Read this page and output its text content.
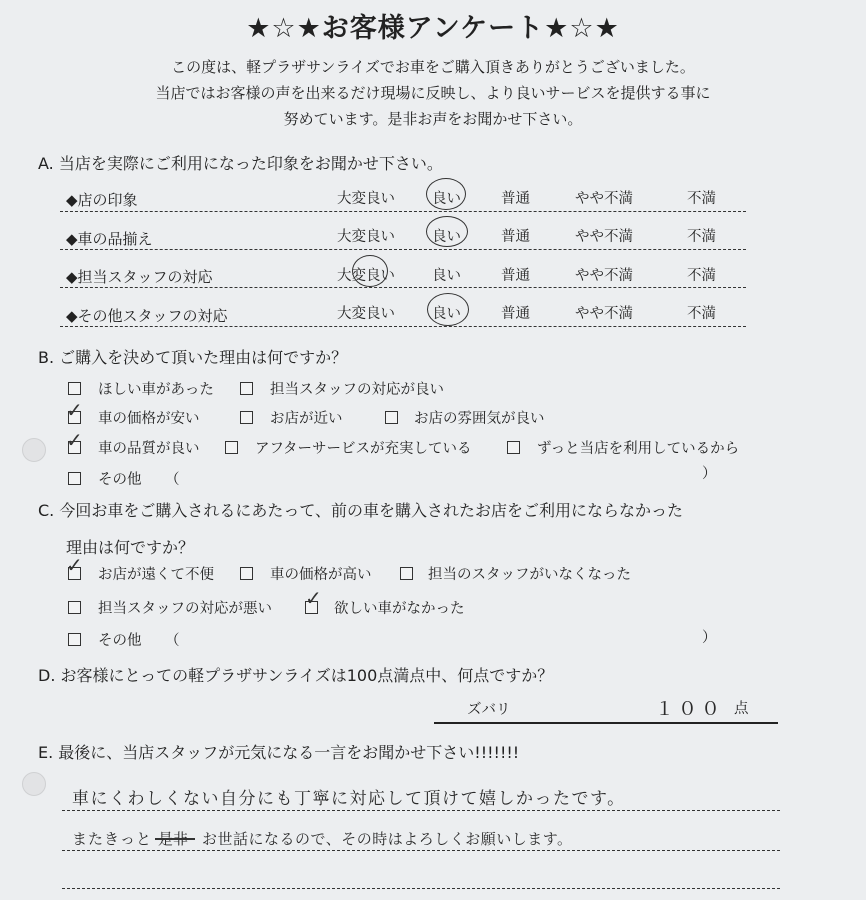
★☆★お客様アンケート★☆★
この度は、軽プラザサンライズでお車をご購入頂きありがとうございました。
当店ではお客様の声を出来るだけ現場に反映し、より良いサービスを提供する事に
努めています。是非お声をお聞かせ下さい。
A. 当店を実際にご利用になった印象をお聞かせ下さい。
◆店の印象	大変良い	良い	普通	やや不満	不満
◆車の品揃え	大変良い	良い	普通	やや不満	不満
◆担当スタッフの対応	大変良い	良い	普通	やや不満	不満
◆その他スタッフの対応	大変良い	良い	普通	やや不満	不満
B. ご購入を決めて頂いた理由は何ですか？
ほしい車があった	担当スタッフの対応が良い
✓ 車の価格が安い	お店が近い	お店の雰囲気が良い
✓ 車の品質が良い	アフターサービスが充実している	ずっと当店を利用しているから
その他 （	）
C. 今回お車をご購入されるにあたって、前の車を購入されたお店をご利用にならなかった
理由は何ですか？
✓ お店が遠くて不便	車の価格が高い	担当のスタッフがいなくなった
担当スタッフの対応が悪い ✓ 欲しい車がなかった
その他 （	）
D. お客様にとっての軽プラザサンライズは100点満点中、何点ですか？
ズバリ	１００ 点
E. 最後に、当店スタッフが元気になる一言をお聞かせ下さい!!!!!!!
車にくわしくない自分にも丁寧に対応して頂けて嬉しかったです。
またきっと 是非 お世話になるので、その時はよろしくお願いします。
